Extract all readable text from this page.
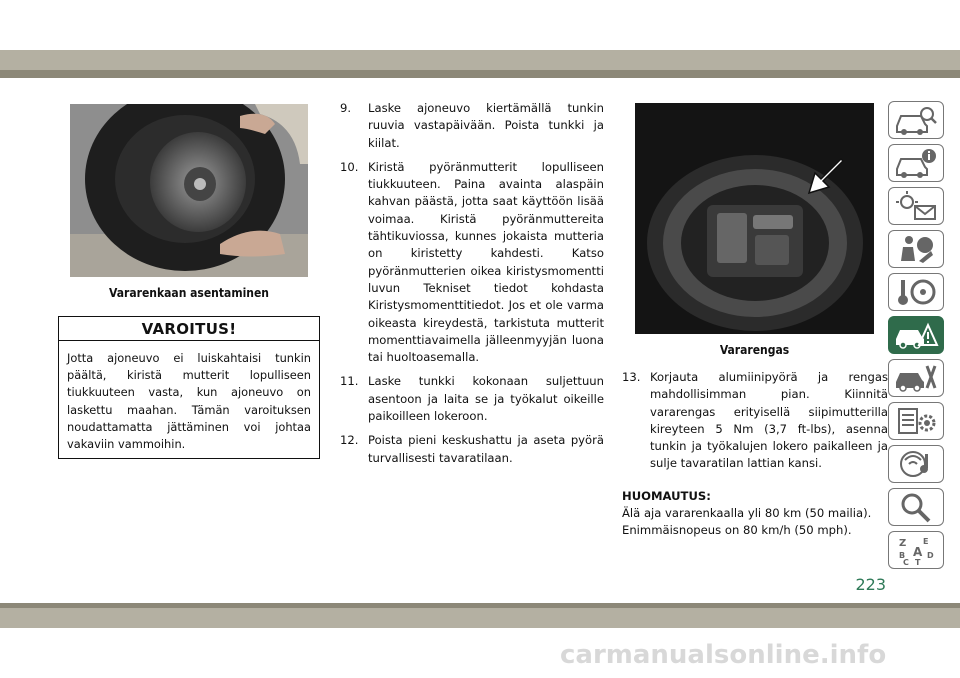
Vararenkaan asentaminen
VAROITUS!
Jotta ajoneuvo ei luiskahtaisi tunkin päältä, kiristä mutterit lopulliseen tiukkuuteen vasta, kun ajoneuvo on laskettu maahan. Tämän varoituksen noudattamatta jättäminen voi johtaa vakaviin vammoihin.
9. Laske ajoneuvo kiertämällä tunkin ruuvia vastapäivään. Poista tunkki ja kiilat.
10. Kiristä pyöränmutterit lopulliseen tiukkuuteen. Paina avainta alaspäin kahvan päästä, jotta saat käyttöön lisää voimaa. Kiristä pyöränmuttereita tähtikuviossa, kunnes jokaista mutteria on kiristetty kahdesti. Katso pyöränmutterien oikea kiristysmomentti luvun Tekniset tiedot kohdasta Kiristysmomenttitiedot. Jos et ole varma oikeasta kireydestä, tarkistuta mutterit momenttiavaimella jälleenmyyjän luona tai huoltoasemalla.
11. Laske tunkki kokonaan suljettuun asentoon ja laita se ja työkalut oikeille paikoilleen lokeroon.
12. Poista pieni keskushattu ja aseta pyörä turvallisesti tavaratilaan.
Vararengas
13. Korjauta alumiinipyörä ja rengas mahdollisimman pian. Kiinnitä vararengas erityisellä siipimutterilla kireyteen 5 Nm (3,7 ft-lbs), asenna tunkin ja työkalujen lokero paikalleen ja sulje tavaratilan lattian kansi.
HUOMAUTUS:
Älä aja vararenkaalla yli 80 km (50 mailia). Enimmäisnopeus on 80 km/h (50 mph).
Z E
A
B	D
C T
223
carmanualsonline.info
